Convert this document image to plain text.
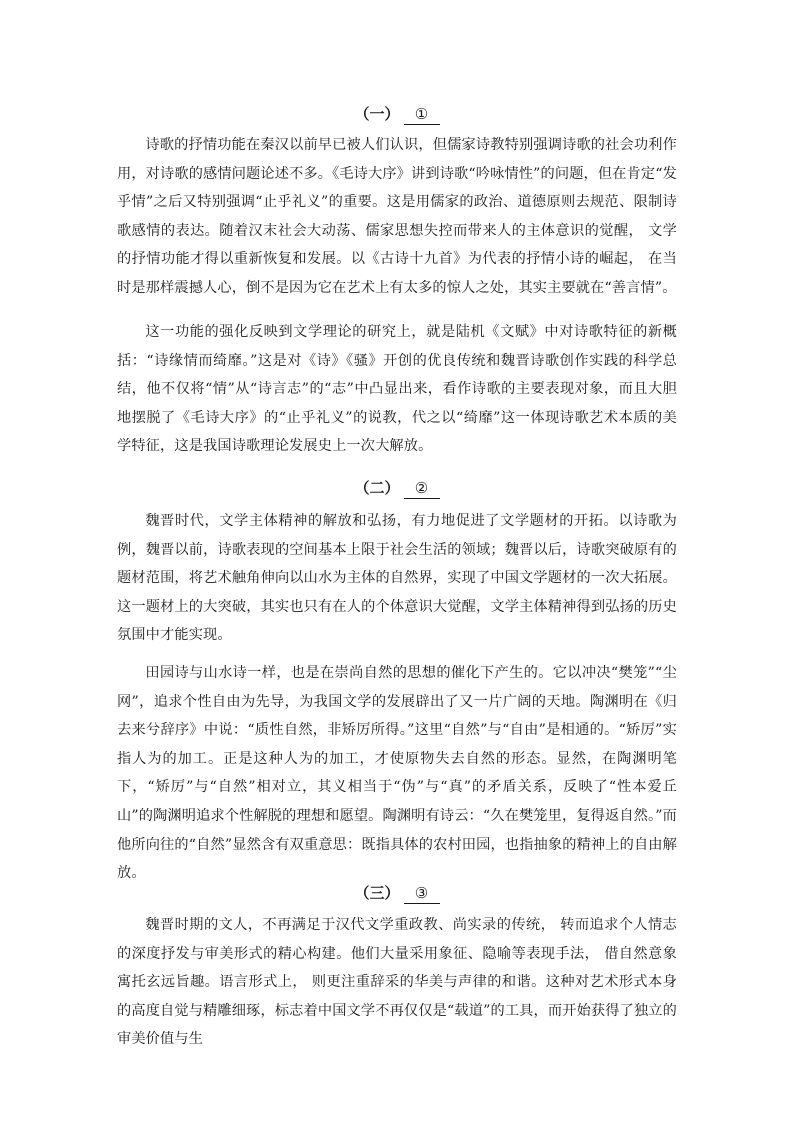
（一） ①

诗歌的抒情功能在秦汉以前早已被人们认识，但儒家诗教特别强调诗歌的社会功利作用，对诗歌的感情问题论述不多。《毛诗大序》讲到诗歌“吟咏情性”的问题，但在肯定“发乎情”之后又特别强调“止乎礼义”的重要。这是用儒家的政治、道德原则去规范、限制诗歌感情的表达。随着汉末社会大动荡、儒家思想失控而带来人的主体意识的觉醒， 文学的抒情功能才得以重新恢复和发展。以《古诗十九首》为代表的抒情小诗的崛起， 在当时是那样震撼人心，倒不是因为它在艺术上有太多的惊人之处，其实主要就在“善言情”。

这一功能的强化反映到文学理论的研究上，就是陆机《文赋》中对诗歌特征的新概括：“诗缘情而绮靡。”这是对《诗》《骚》开创的优良传统和魏晋诗歌创作实践的科学总结，他不仅将“情”从“诗言志”的“志”中凸显出来，看作诗歌的主要表现对象，而且大胆地摆脱了《毛诗大序》的“止乎礼义”的说教，代之以“绮靡”这一体现诗歌艺术本质的美学特征，这是我国诗歌理论发展史上一次大解放。

（二） ②

魏晋时代，文学主体精神的解放和弘扬，有力地促进了文学题材的开拓。以诗歌为例，魏晋以前，诗歌表现的空间基本上限于社会生活的领域；魏晋以后，诗歌突破原有的题材范围，将艺术触角伸向以山水为主体的自然界，实现了中国文学题材的一次大拓展。这一题材上的大突破，其实也只有在人的个体意识大觉醒，文学主体精神得到弘扬的历史氛围中才能实现。

田园诗与山水诗一样，也是在崇尚自然的思想的催化下产生的。它以冲决“樊笼”“尘网”，追求个性自由为先导，为我国文学的发展辟出了又一片广阔的天地。陶渊明在《归去来兮辞序》中说：“质性自然，非矫厉所得。”这里“自然”与“自由”是相通的。“矫厉”实指人为的加工。正是这种人为的加工，才使原物失去自然的形态。显然，在陶渊明笔下，“矫厉”与“自然”相对立，其义相当于“伪”与“真”的矛盾关系，反映了“性本爱丘山”的陶渊明追求个性解脱的理想和愿望。陶渊明有诗云：“久在樊笼里，复得返自然。”而他所向往的“自然”显然含有双重意思：既指具体的农村田园，也指抽象的精神上的自由解放。

（三） ③

魏晋时期的文人，不再满足于汉代文学重政教、尚实录的传统， 转而追求个人情志的深度抒发与审美形式的精心构建。他们大量采用象征、隐喻等表现手法， 借自然意象寓托玄远旨趣。语言形式上， 则更注重辞采的华美与声律的和谐。这种对艺术形式本身的高度自觉与精雕细琢，标志着中国文学不再仅仅是“载道”的工具，而开始获得了独立的审美价值与生
